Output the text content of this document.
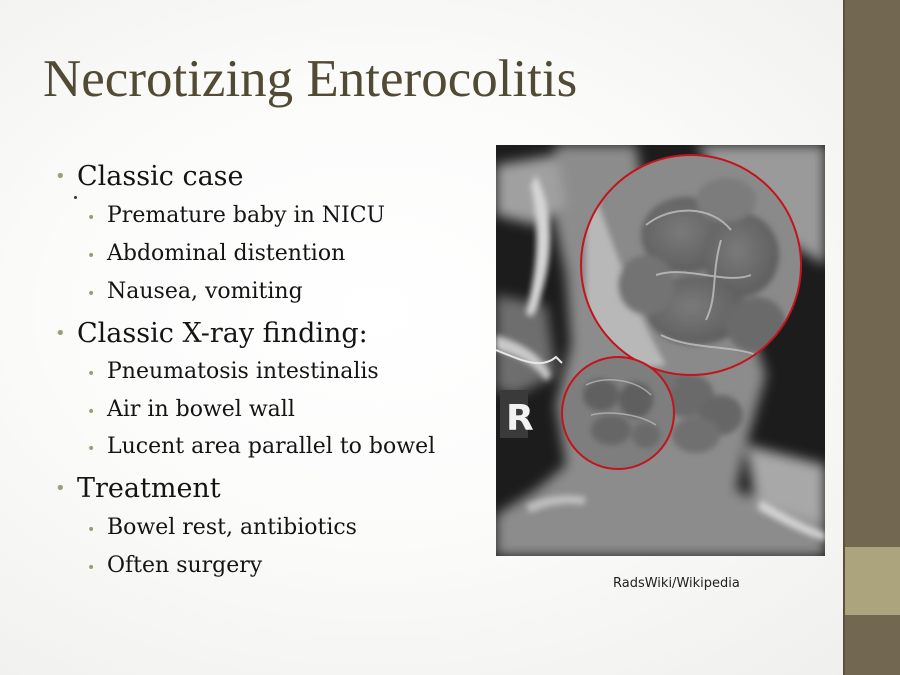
Necrotizing Enterocolitis
• Classic case
• Premature baby in NICU
• Abdominal distention
• Nausea, vomiting
• Classic X-ray finding:
• Pneumatosis intestinalis
• Air in bowel wall
• Lucent area parallel to bowel
• Treatment
• Bowel rest, antibiotics
• Often surgery
R
RadsWiki/Wikipedia
